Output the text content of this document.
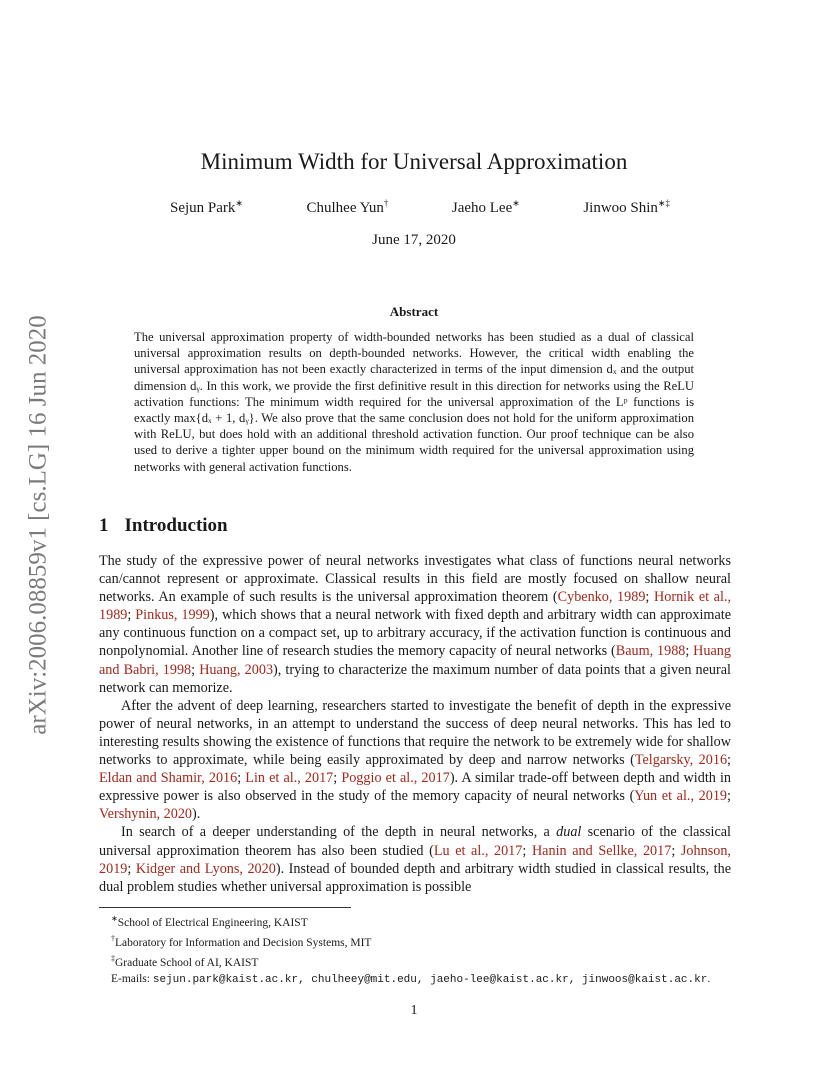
arXiv:2006.08859v1 [cs.LG] 16 Jun 2020
Minimum Width for Universal Approximation
Sejun Park∗	Chulhee Yun†	Jaeho Lee∗	Jinwoo Shin∗‡
June 17, 2020
Abstract
The universal approximation property of width-bounded networks has been studied as a dual of classical universal approximation results on depth-bounded networks. However, the critical width enabling the universal approximation has not been exactly characterized in terms of the input dimension dₓ and the output dimension dᵧ. In this work, we provide the first definitive result in this direction for networks using the ReLU activation functions: The minimum width required for the universal approximation of the Lᵖ functions is exactly max{dₓ + 1, dᵧ}. We also prove that the same conclusion does not hold for the uniform approximation with ReLU, but does hold with an additional threshold activation function. Our proof technique can be also used to derive a tighter upper bound on the minimum width required for the universal approximation using networks with general activation functions.
1 Introduction

The study of the expressive power of neural networks investigates what class of functions neural networks can/cannot represent or approximate. Classical results in this field are mostly focused on shallow neural networks. An example of such results is the universal approximation theorem (Cybenko, 1989; Hornik et al., 1989; Pinkus, 1999), which shows that a neural network with fixed depth and arbitrary width can approximate any continuous function on a compact set, up to arbitrary accuracy, if the activation function is continuous and nonpolynomial. Another line of research studies the memory capacity of neural networks (Baum, 1988; Huang and Babri, 1998; Huang, 2003), trying to characterize the maximum number of data points that a given neural network can memorize.

After the advent of deep learning, researchers started to investigate the benefit of depth in the expressive power of neural networks, in an attempt to understand the success of deep neural networks. This has led to interesting results showing the existence of functions that require the network to be extremely wide for shallow networks to approximate, while being easily approximated by deep and narrow networks (Telgarsky, 2016; Eldan and Shamir, 2016; Lin et al., 2017; Poggio et al., 2017). A similar trade-off between depth and width in expressive power is also observed in the study of the memory capacity of neural networks (Yun et al., 2019; Vershynin, 2020).

In search of a deeper understanding of the depth in neural networks, a dual scenario of the classical universal approximation theorem has also been studied (Lu et al., 2017; Hanin and Sellke, 2017; Johnson, 2019; Kidger and Lyons, 2020). Instead of bounded depth and arbitrary width studied in classical results, the dual problem studies whether universal approximation is possible

∗School of Electrical Engineering, KAIST
†Laboratory for Information and Decision Systems, MIT
‡Graduate School of AI, KAIST
E-mails: sejun.park@kaist.ac.kr, chulheey@mit.edu, jaeho-lee@kaist.ac.kr, jinwoos@kaist.ac.kr.
1
